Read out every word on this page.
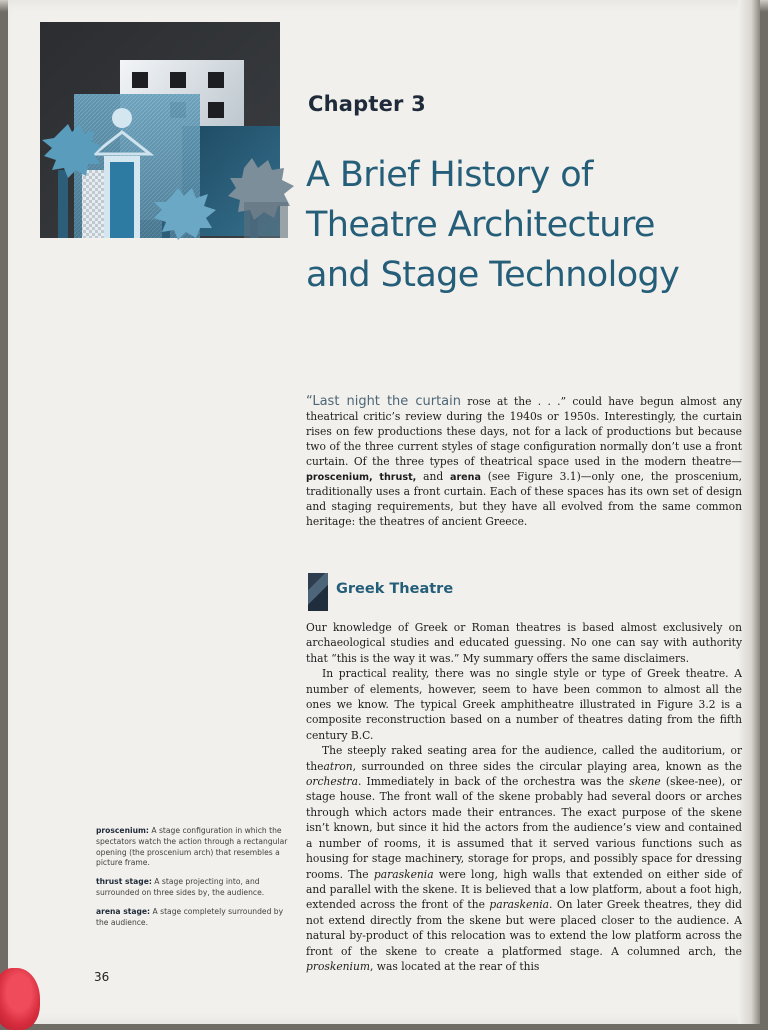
Chapter 3
A Brief History of
Theatre Architecture
and Stage Technology
“Last night the curtain rose at the . . .” could have begun almost any theatrical critic’s review during the 1940s or 1950s. Interestingly, the curtain rises on few productions these days, not for a lack of productions but because two of the three current styles of stage configuration normally don’t use a front curtain. Of the three types of theatrical space used in the modern theatre—proscenium, thrust, and arena (see Figure 3.1)—only one, the proscenium, traditionally uses a front curtain. Each of these spaces has its own set of design and staging requirements, but they have all evolved from the same common heritage: the theatres of ancient Greece.
Greek Theatre

Our knowledge of Greek or Roman theatres is based almost exclusively on archaeological studies and educated guessing. No one can say with authority that “this is the way it was.” My summary offers the same disclaimers.

In practical reality, there was no single style or type of Greek theatre. A number of elements, however, seem to have been common to almost all the ones we know. The typical Greek amphitheatre illustrated in Figure 3.2 is a composite reconstruction based on a number of theatres dating from the fifth century B.C.

The steeply raked seating area for the audience, called the auditorium, or theatron, surrounded on three sides the circular playing area, known as the orchestra. Immediately in back of the orchestra was the skene (skee-nee), or stage house. The front wall of the skene probably had several doors or arches through which actors made their entrances. The exact purpose of the skene isn’t known, but since it hid the actors from the audience’s view and contained a number of rooms, it is assumed that it served various functions such as housing for stage machinery, storage for props, and possibly space for dressing rooms. The paraskenia were long, high walls that extended on either side of and parallel with the skene. It is believed that a low platform, about a foot high, extended across the front of the paraskenia. On later Greek theatres, they did not extend directly from the skene but were placed closer to the audience. A natural by-product of this relocation was to extend the low platform across the front of the skene to create a platformed stage. A columned arch, the proskenium, was located at the rear of this

proscenium: A stage configuration in which the spectators watch the action through a rectangular opening (the proscenium arch) that resembles a picture frame.
thrust stage: A stage projecting into, and surrounded on three sides by, the audience.
arena stage: A stage completely surrounded by the audience.
36
